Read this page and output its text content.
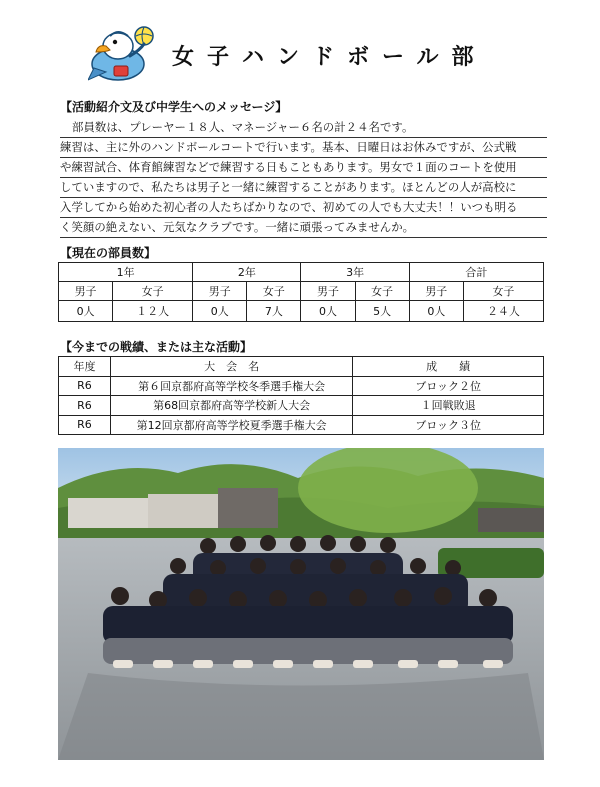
女子ハンドボール部
【活動紹介文及び中学生へのメッセージ】
部員数は、プレーヤー１８人、マネージャー６名の計２４名です。
練習は、主に外のハンドボールコートで行います。基本、日曜日はお休みですが、公式戦
や練習試合、体育館練習などで練習する日もこともあります。男女で１面のコートを使用
していますので、私たちは男子と一緒に練習することがあります。ほとんどの人が高校に
入学してから始めた初心者の人たちばかりなので、初めての人でも大丈夫！！いつも明る
く笑顔の絶えない、元気なクラブです。一緒に頑張ってみませんか。
【現在の部員数】
1年		2年		3年		合計	
男子	女子	男子	女子	男子	女子	男子	女子
0人	１２人	0人	7人	0人	5人	0人	２４人
【今までの戦績、または主な活動】
年度	大　会　名	成　　績
R6	第６回京都府高等学校冬季選手権大会	ブロック２位
R6	第68回京都府高等学校新人大会	１回戦敗退
R6	第12回京都府高等学校夏季選手権大会	ブロック３位
